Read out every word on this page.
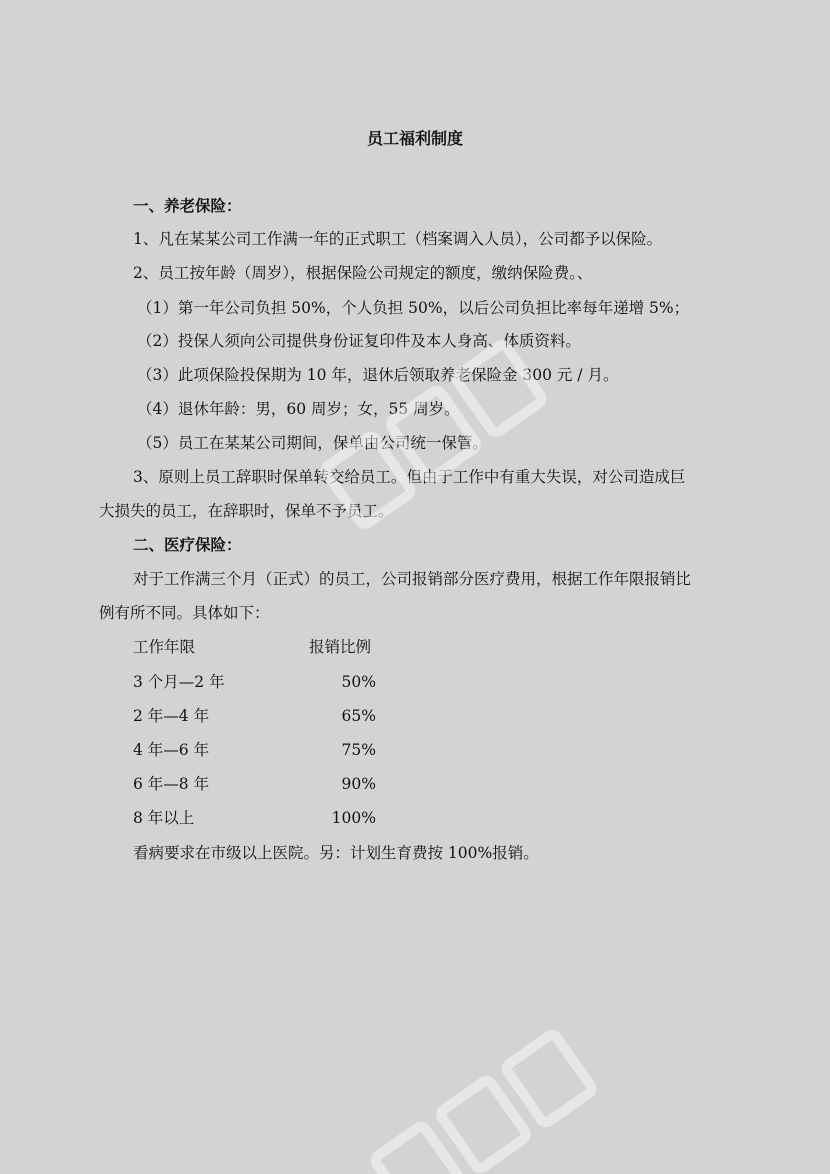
员工福利制度
一、养老保险：
1、凡在某某公司工作满一年的正式职工（档案调入人员），公司都予以保险。
2、员工按年龄（周岁），根据保险公司规定的额度，缴纳保险费。、
（1）第一年公司负担 50%，个人负担 50%，以后公司负担比率每年递增 5%；
（2）投保人须向公司提供身份证复印件及本人身高、体质资料。
（3）此项保险投保期为 10 年，退休后领取养老保险金 300 元 / 月。
（4）退休年龄：男，60 周岁；女，55 周岁。
（5）员工在某某公司期间，保单由公司统一保管。
3、原则上员工辞职时保单转交给员工。但由于工作中有重大失误，对公司造成巨
大损失的员工，在辞职时，保单不予员工。
二、医疗保险：
对于工作满三个月（正式）的员工，公司报销部分医疗费用，根据工作年限报销比
例有所不同。具体如下：
工作年限	报销比例
3 个月—2 年	50%
2 年—4 年	65%
4 年—6 年	75%
6 年—8 年	90%
8 年以上	100%
看病要求在市级以上医院。另：计划生育费按 100%报销。
